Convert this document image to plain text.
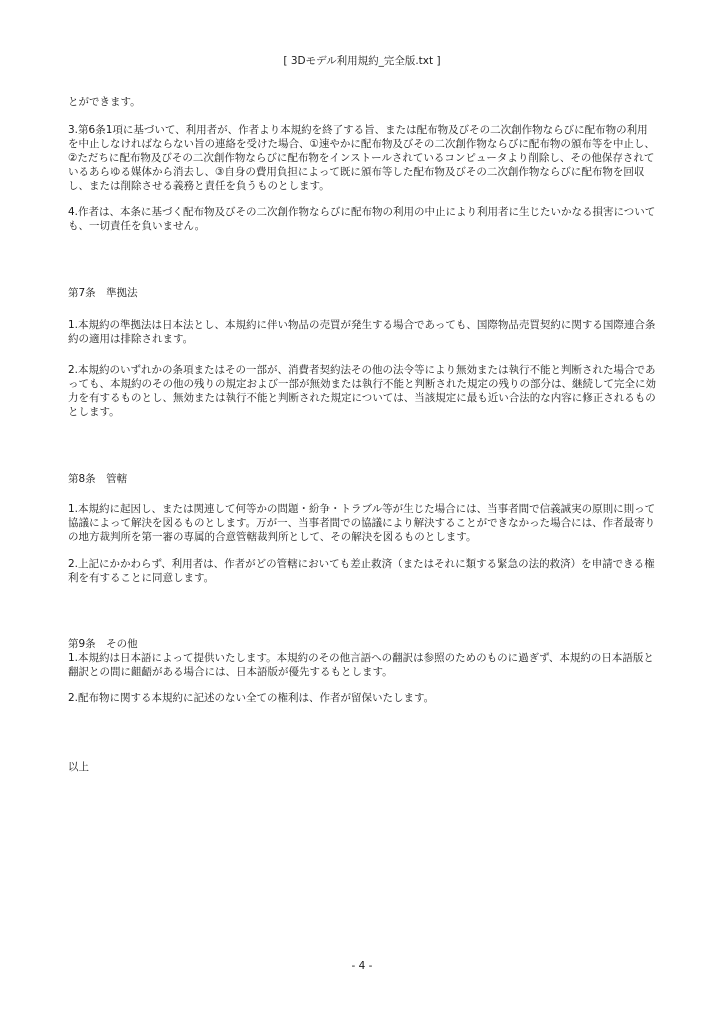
[ 3Dモデル利用規約_完全版.txt ]

とができます。

3.第6条1項に基づいて、利用者が、作者より本規約を終了する旨、または配布物及びその二次創作物ならびに配布物の利用を中止しなければならない旨の連絡を受けた場合、①速やかに配布物及びその二次創作物ならびに配布物の頒布等を中止し、②ただちに配布物及びその二次創作物ならびに配布物をインストールされているコンピュータより削除し、その他保存されているあらゆる媒体から消去し、③自身の費用負担によって既に頒布等した配布物及びその二次創作物ならびに配布物を回収し、または削除させる義務と責任を負うものとします。

4.作者は、本条に基づく配布物及びその二次創作物ならびに配布物の利用の中止により利用者に生じたいかなる損害についても、一切責任を負いません。

第7条　準拠法

1.本規約の準拠法は日本法とし、本規約に伴い物品の売買が発生する場合であっても、国際物品売買契約に関する国際連合条約の適用は排除されます。

2.本規約のいずれかの条項またはその一部が、消費者契約法その他の法令等により無効または執行不能と判断された場合であっても、本規約のその他の残りの規定および一部が無効または執行不能と判断された規定の残りの部分は、継続して完全に効力を有するものとし、無効または執行不能と判断された規定については、当該規定に最も近い合法的な内容に修正されるものとします。

第8条　管轄

1.本規約に起因し、または関連して何等かの問題・紛争・トラブル等が生じた場合には、当事者間で信義誠実の原則に則って協議によって解決を図るものとします。万が一、当事者間での協議により解決することができなかった場合には、作者最寄りの地方裁判所を第一審の専属的合意管轄裁判所として、その解決を図るものとします。

2.上記にかかわらず、利用者は、作者がどの管轄においても差止救済（またはそれに類する緊急の法的救済）を申請できる権利を有することに同意します。

第9条　その他

1.本規約は日本語によって提供いたします。本規約のその他言語への翻訳は参照のためのものに過ぎず、本規約の日本語版と翻訳との間に齟齬がある場合には、日本語版が優先するもとします。

2.配布物に関する本規約に記述のない全ての権利は、作者が留保いたします。

以上

- 4 -
